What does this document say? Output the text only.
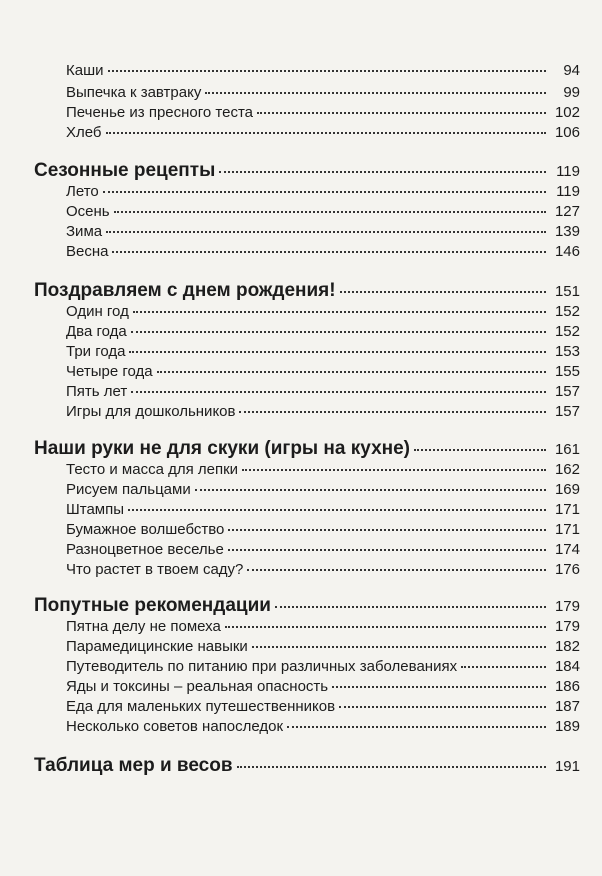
Каши	94
Выпечка к завтраку	99
Печенье из пресного теста	102
Хлеб	106
Сезонные рецепты	119
Лето	119
Осень	127
Зима	139
Весна	146
Поздравляем с днем рождения!	151
Один год	152
Два года	152
Три года	153
Четыре года	155
Пять лет	157
Игры для дошкольников	157
Наши руки не для скуки (игры на кухне)	161
Тесто и масса для лепки	162
Рисуем пальцами	169
Штампы	171
Бумажное волшебство	171
Разноцветное веселье	174
Что растет в твоем саду?	176
Попутные рекомендации	179
Пятна делу не помеха	179
Парамедицинские навыки	182
Путеводитель по питанию при различных заболеваниях	184
Яды и токсины – реальная опасность	186
Еда для маленьких путешественников	187
Несколько советов напоследок	189
Таблица мер и весов	191
